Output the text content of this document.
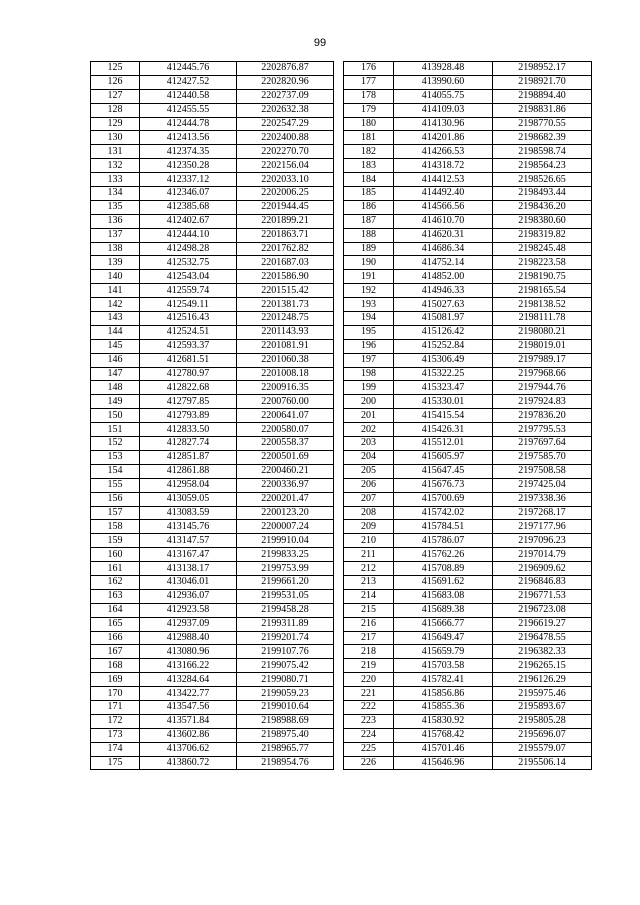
99
125	412445.76	2202876.87
126	412427.52	2202820.96
127	412440.58	2202737.09
128	412455.55	2202632.38
129	412444.78	2202547.29
130	412413.56	2202400.88
131	412374.35	2202270.70
132	412350.28	2202156.04
133	412337.12	2202033.10
134	412346.07	2202006.25
135	412385.68	2201944.45
136	412402.67	2201899.21
137	412444.10	2201863.71
138	412498.28	2201762.82
139	412532.75	2201687.03
140	412543.04	2201586.90
141	412559.74	2201515.42
142	412549.11	2201381.73
143	412516.43	2201248.75
144	412524.51	2201143.93
145	412593.37	2201081.91
146	412681.51	2201060.38
147	412780.97	2201008.18
148	412822.68	2200916.35
149	412797.85	2200760.00
150	412793.89	2200641.07
151	412833.50	2200580.07
152	412827.74	2200558.37
153	412851.87	2200501.69
154	412861.88	2200460.21
155	412958.04	2200336.97
156	413059.05	2200201.47
157	413083.59	2200123.20
158	413145.76	2200007.24
159	413147.57	2199910.04
160	413167.47	2199833.25
161	413138.17	2199753.99
162	413046.01	2199661.20
163	412936.07	2199531.05
164	412923.58	2199458.28
165	412937.09	2199311.89
166	412988.40	2199201.74
167	413080.96	2199107.76
168	413166.22	2199075.42
169	413284.64	2199080.71
170	413422.77	2199059.23
171	413547.56	2199010.64
172	413571.84	2198988.69
173	413602.86	2198975.40
174	413706.62	2198965.77
175	413860.72	2198954.76
176	413928.48	2198952.17
177	413990.60	2198921.70
178	414055.75	2198894.40
179	414109.03	2198831.86
180	414130.96	2198770.55
181	414201.86	2198682.39
182	414266.53	2198598.74
183	414318.72	2198564.23
184	414412.53	2198526.65
185	414492.40	2198493.44
186	414566.56	2198436.20
187	414610.70	2198380.60
188	414620.31	2198319.82
189	414686.34	2198245.48
190	414752.14	2198223.58
191	414852.00	2198190.75
192	414946.33	2198165.54
193	415027.63	2198138.52
194	415081.97	2198111.78
195	415126.42	2198080.21
196	415252.84	2198019.01
197	415306.49	2197989.17
198	415322.25	2197968.66
199	415323.47	2197944.76
200	415330.01	2197924.83
201	415415.54	2197836.20
202	415426.31	2197795.53
203	415512.01	2197697.64
204	415605.97	2197585.70
205	415647.45	2197508.58
206	415676.73	2197425.04
207	415700.69	2197338.36
208	415742.02	2197268.17
209	415784.51	2197177.96
210	415786.07	2197096.23
211	415762.26	2197014.79
212	415708.89	2196909.62
213	415691.62	2196846.83
214	415683.08	2196771.53
215	415689.38	2196723.08
216	415666.77	2196619.27
217	415649.47	2196478.55
218	415659.79	2196382.33
219	415703.58	2196265.15
220	415782.41	2196126.29
221	415856.86	2195975.46
222	415855.36	2195893.67
223	415830.92	2195805.28
224	415768.42	2195696.07
225	415701.46	2195579.07
226	415646.96	2195506.14
